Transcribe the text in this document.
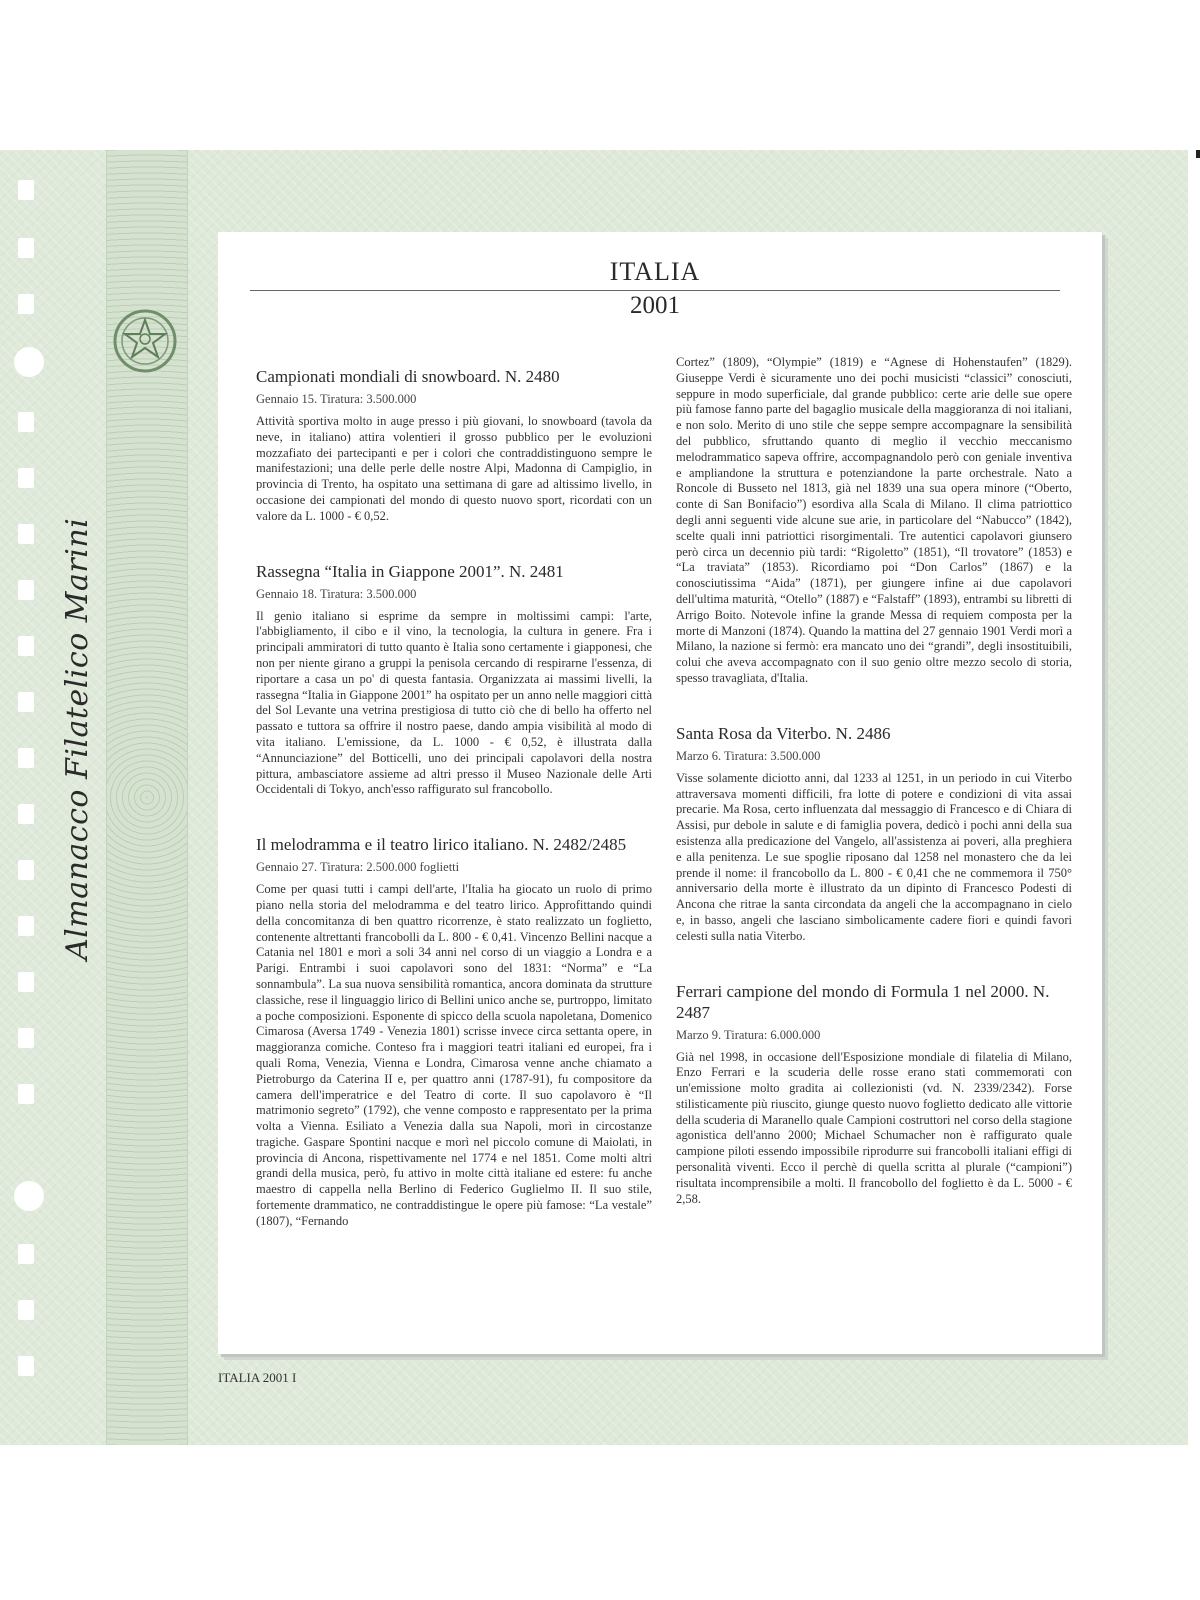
Almanacco Filatelico Marini
ITALIA
2001
Campionati mondiali di snowboard. N. 2480
Gennaio 15. Tiratura: 3.500.000

Attività sportiva molto in auge presso i più giovani, lo snowboard (tavola da neve, in italiano) attira volentieri il grosso pubblico per le evoluzioni mozzafiato dei partecipanti e per i colori che contraddistinguono sempre le manifestazioni; una delle perle delle nostre Alpi, Madonna di Campiglio, in provincia di Trento, ha ospitato una settimana di gare ad altissimo livello, in occasione dei campionati del mondo di questo nuovo sport, ricordati con un valore da L. 1000 - € 0,52.

Rassegna “Italia in Giappone 2001”. N. 2481
Gennaio 18. Tiratura: 3.500.000

Il genio italiano si esprime da sempre in moltissimi campi: l'arte, l'abbigliamento, il cibo e il vino, la tecnologia, la cultura in genere. Fra i principali ammiratori di tutto quanto è Italia sono certamente i giapponesi, che non per niente girano a gruppi la penisola cercando di respirarne l'essenza, di riportare a casa un po' di questa fantasia. Organizzata ai massimi livelli, la rassegna “Italia in Giappone 2001” ha ospitato per un anno nelle maggiori città del Sol Levante una vetrina prestigiosa di tutto ciò che di bello ha offerto nel passato e tuttora sa offrire il nostro paese, dando ampia visibilità al modo di vita italiano. L'emissione, da L. 1000 - € 0,52, è illustrata dalla “Annunciazione” del Botticelli, uno dei principali capolavori della nostra pittura, ambasciatore assieme ad altri presso il Museo Nazionale delle Arti Occidentali di Tokyo, anch'esso raffigurato sul francobollo.

Il melodramma e il teatro lirico italiano. N. 2482/2485
Gennaio 27. Tiratura: 2.500.000 foglietti

Come per quasi tutti i campi dell'arte, l'Italia ha giocato un ruolo di primo piano nella storia del melodramma e del teatro lirico. Approfittando quindi della concomitanza di ben quattro ricorrenze, è stato realizzato un foglietto, contenente altrettanti francobolli da L. 800 - € 0,41. Vincenzo Bellini nacque a Catania nel 1801 e morì a soli 34 anni nel corso di un viaggio a Londra e a Parigi. Entrambi i suoi capolavori sono del 1831: “Norma” e “La sonnambula”. La sua nuova sensibilità romantica, ancora dominata da strutture classiche, rese il linguaggio lirico di Bellini unico anche se, purtroppo, limitato a poche composizioni. Esponente di spicco della scuola napoletana, Domenico Cimarosa (Aversa 1749 - Venezia 1801) scrisse invece circa settanta opere, in maggioranza comiche. Conteso fra i maggiori teatri italiani ed europei, fra i quali Roma, Venezia, Vienna e Londra, Cimarosa venne anche chiamato a Pietroburgo da Caterina II e, per quattro anni (1787-91), fu compositore da camera dell'imperatrice e del Teatro di corte. Il suo capolavoro è “Il matrimonio segreto” (1792), che venne composto e rappresentato per la prima volta a Vienna. Esiliato a Venezia dalla sua Napoli, morì in circostanze tragiche. Gaspare Spontini nacque e morì nel piccolo comune di Maiolati, in provincia di Ancona, rispettivamente nel 1774 e nel 1851. Come molti altri grandi della musica, però, fu attivo in molte città italiane ed estere: fu anche maestro di cappella nella Berlino di Federico Guglielmo II. Il suo stile, fortemente drammatico, ne contraddistingue le opere più famose: “La vestale” (1807), “Fernando

Cortez” (1809), “Olympie” (1819) e “Agnese di Hohenstaufen” (1829). Giuseppe Verdi è sicuramente uno dei pochi musicisti “classici” conosciuti, seppure in modo superficiale, dal grande pubblico: certe arie delle sue opere più famose fanno parte del bagaglio musicale della maggioranza di noi italiani, e non solo. Merito di uno stile che seppe sempre accompagnare la sensibilità del pubblico, sfruttando quanto di meglio il vecchio meccanismo melodrammatico sapeva offrire, accompagnandolo però con geniale inventiva e ampliandone la struttura e potenziandone la parte orchestrale. Nato a Roncole di Busseto nel 1813, già nel 1839 una sua opera minore (“Oberto, conte di San Bonifacio”) esordiva alla Scala di Milano. Il clima patriottico degli anni seguenti vide alcune sue arie, in particolare del “Nabucco” (1842), scelte quali inni patriottici risorgimentali. Tre autentici capolavori giunsero però circa un decennio più tardi: “Rigoletto” (1851), “Il trovatore” (1853) e “La traviata” (1853). Ricordiamo poi “Don Carlos” (1867) e la conosciutissima “Aida” (1871), per giungere infine ai due capolavori dell'ultima maturità, “Otello” (1887) e “Falstaff” (1893), entrambi su libretti di Arrigo Boito. Notevole infine la grande Messa di requiem composta per la morte di Manzoni (1874). Quando la mattina del 27 gennaio 1901 Verdi morì a Milano, la nazione si fermò: era mancato uno dei “grandi”, degli insostituibili, colui che aveva accompagnato con il suo genio oltre mezzo secolo di storia, spesso travagliata, d'Italia.

Santa Rosa da Viterbo. N. 2486
Marzo 6. Tiratura: 3.500.000

Visse solamente diciotto anni, dal 1233 al 1251, in un periodo in cui Viterbo attraversava momenti difficili, fra lotte di potere e condizioni di vita assai precarie. Ma Rosa, certo influenzata dal messaggio di Francesco e di Chiara di Assisi, pur debole in salute e di famiglia povera, dedicò i pochi anni della sua esistenza alla predicazione del Vangelo, all'assistenza ai poveri, alla preghiera e alla penitenza. Le sue spoglie riposano dal 1258 nel monastero che da lei prende il nome: il francobollo da L. 800 - € 0,41 che ne commemora il 750° anniversario della morte è illustrato da un dipinto di Francesco Podesti di Ancona che ritrae la santa circondata da angeli che la accompagnano in cielo e, in basso, angeli che lasciano simbolicamente cadere fiori e quindi favori celesti sulla natia Viterbo.

Ferrari campione del mondo di Formula 1 nel 2000. N. 2487
Marzo 9. Tiratura: 6.000.000

Già nel 1998, in occasione dell'Esposizione mondiale di filatelia di Milano, Enzo Ferrari e la scuderia delle rosse erano stati commemorati con un'emissione molto gradita ai collezionisti (vd. N. 2339/2342). Forse stilisticamente più riuscito, giunge questo nuovo foglietto dedicato alle vittorie della scuderia di Maranello quale Campioni costruttori nel corso della stagione agonistica dell'anno 2000; Michael Schumacher non è raffigurato quale campione piloti essendo impossibile riprodurre sui francobolli italiani effigi di personalità viventi. Ecco il perchè di quella scritta al plurale (“campioni”) risultata incomprensibile a molti. Il francobollo del foglietto è da L. 5000 - € 2,58.

ITALIA 2001 I
